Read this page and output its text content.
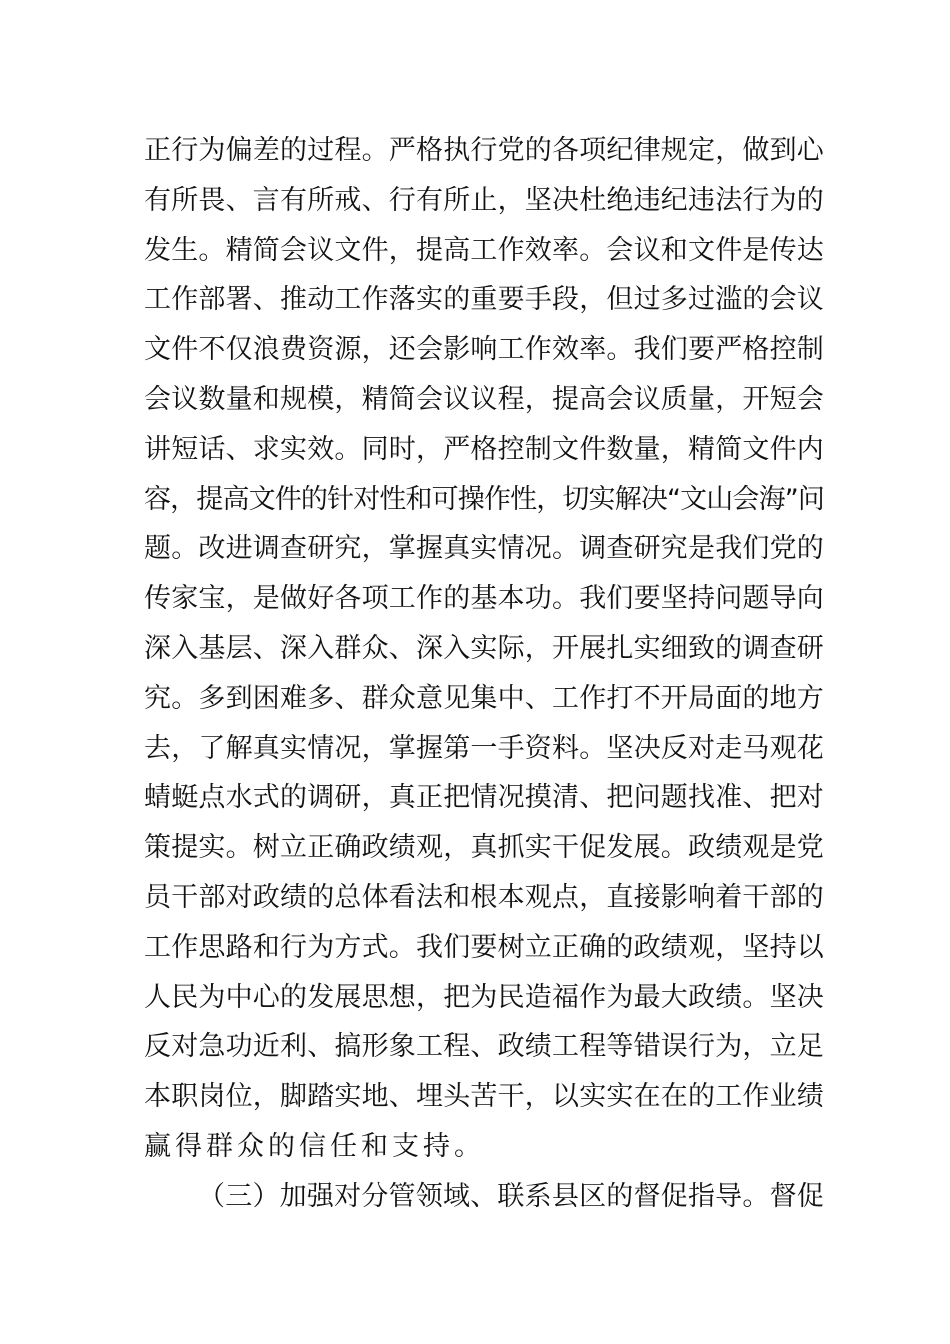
正行为偏差的过程。严格执行党的各项纪律规定，做到心
有所畏、言有所戒、行有所止，坚决杜绝违纪违法行为的
发生。精简会议文件，提高工作效率。会议和文件是传达
工作部署、推动工作落实的重要手段，但过多过滥的会议
文件不仅浪费资源，还会影响工作效率。我们要严格控制
会议数量和规模，精简会议议程，提高会议质量，开短会
讲短话、求实效。同时，严格控制文件数量，精简文件内
容，提高文件的针对性和可操作性，切实解决“文山会海”问
题。改进调查研究，掌握真实情况。调查研究是我们党的
传家宝，是做好各项工作的基本功。我们要坚持问题导向
深入基层、深入群众、深入实际，开展扎实细致的调查研
究。多到困难多、群众意见集中、工作打不开局面的地方
去，了解真实情况，掌握第一手资料。坚决反对走马观花
蜻蜓点水式的调研，真正把情况摸清、把问题找准、把对
策提实。树立正确政绩观，真抓实干促发展。政绩观是党
员干部对政绩的总体看法和根本观点，直接影响着干部的
工作思路和行为方式。我们要树立正确的政绩观，坚持以
人民为中心的发展思想，把为民造福作为最大政绩。坚决
反对急功近利、搞形象工程、政绩工程等错误行为，立足
本职岗位，脚踏实地、埋头苦干，以实实在在的工作业绩
赢得群众的信任和支持。
（三）加强对分管领域、联系县区的督促指导。督促
